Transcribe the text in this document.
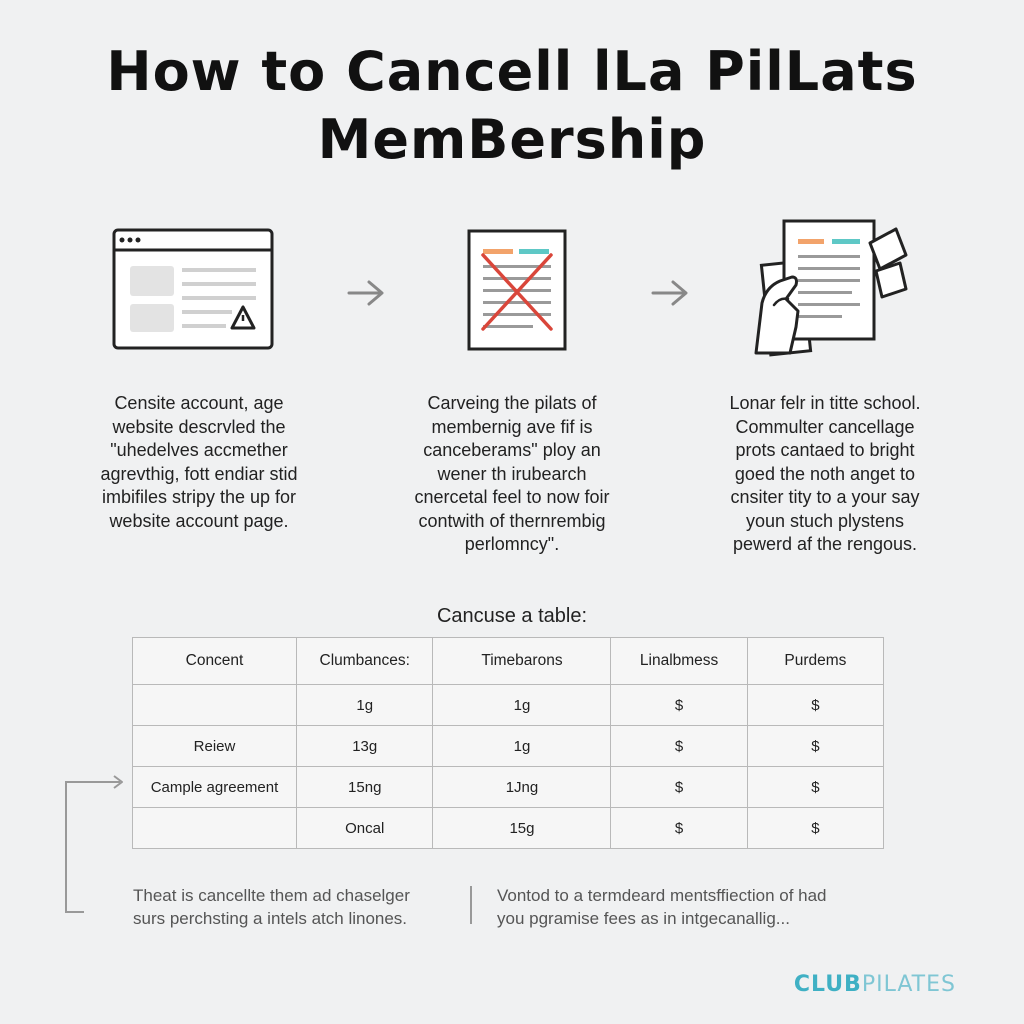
How to Cancell lLa PilLats
MemBership
Censite account, age
website descrvled the
"uhedelves accmether
agrevthig, fott endiar stid
imbifiles stripy the up for
website account page.
Carveing the pilats of
membernig ave fif is
canceberams" ploy an
wener th irubearch
cnercetal feel to now foir
contwith of thernrembig
perlomncy".
Lonar felr in titte school.
Commulter cancellage
prots cantaed to bright
goed the noth anget to
cnsiter tity to a your say
youn stuch plystens
pewerd af the rengous.
Cancuse a table:
Concent	Clumbances:	Timebarons	Linalbmess	Purdems
	1g	1g	$	$
Reiew	13g	1g	$	$
Cample agreement	15ng	1Jng	$	$
	Oncal	15g	$	$
Theat is cancellte them ad chaselger
surs perchsting a intels atch linones.
Vontod to a termdeard mentsffiection of had
you pgramise fees as in intgecanallig...
CLUBPILATES
